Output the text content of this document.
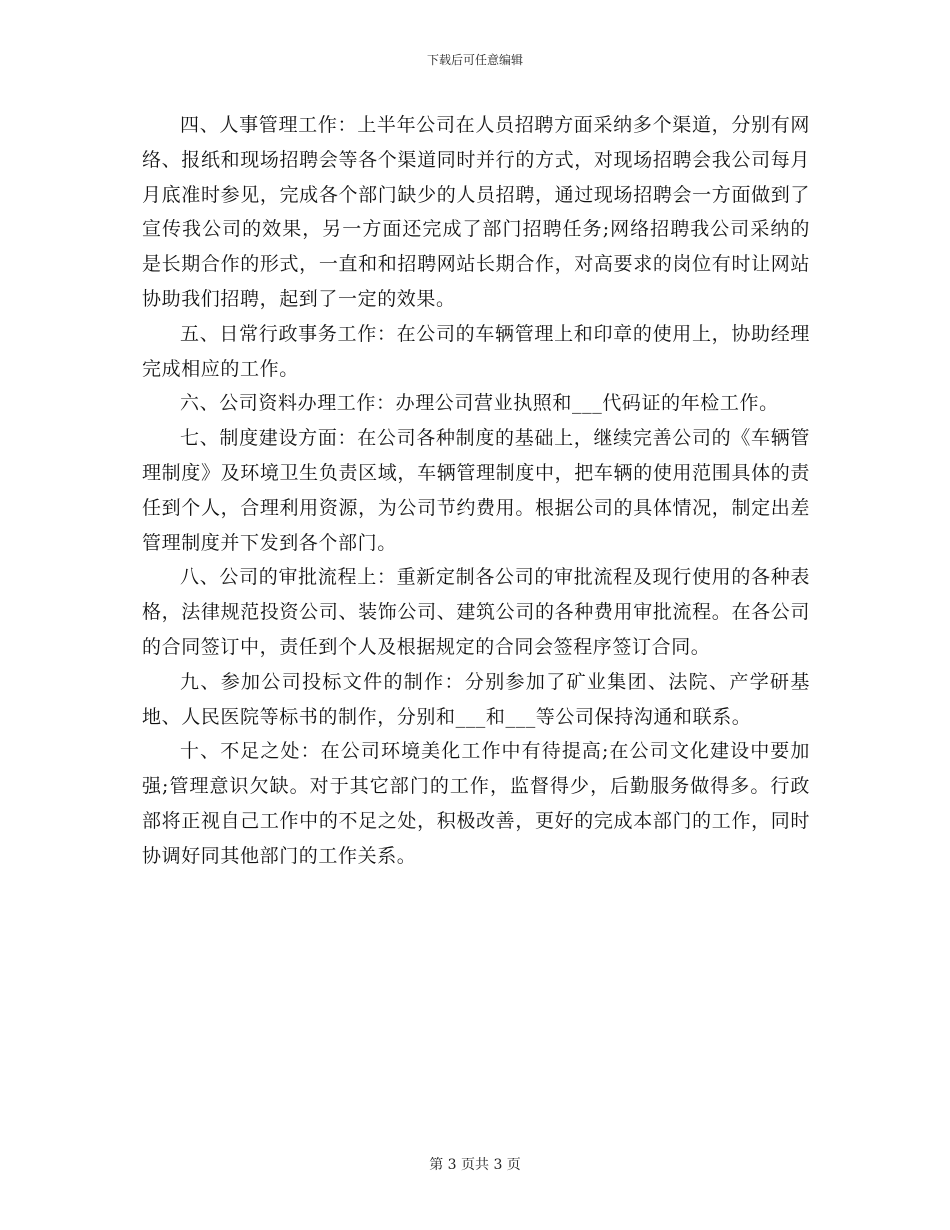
下载后可任意编辑

四、人事管理工作：上半年公司在人员招聘方面采纳多个渠道，分别有网络、报纸和现场招聘会等各个渠道同时并行的方式，对现场招聘会我公司每月月底准时参见，完成各个部门缺少的人员招聘，通过现场招聘会一方面做到了宣传我公司的效果，另一方面还完成了部门招聘任务;网络招聘我公司采纳的是长期合作的形式，一直和和招聘网站长期合作，对高要求的岗位有时让网站协助我们招聘，起到了一定的效果。

五、日常行政事务工作：在公司的车辆管理上和印章的使用上，协助经理完成相应的工作。

六、公司资料办理工作：办理公司营业执照和___代码证的年检工作。

七、制度建设方面：在公司各种制度的基础上，继续完善公司的《车辆管理制度》及环境卫生负责区域，车辆管理制度中，把车辆的使用范围具体的责任到个人，合理利用资源，为公司节约费用。根据公司的具体情况，制定出差管理制度并下发到各个部门。

八、公司的审批流程上：重新定制各公司的审批流程及现行使用的各种表格，法律规范投资公司、装饰公司、建筑公司的各种费用审批流程。在各公司的合同签订中，责任到个人及根据规定的合同会签程序签订合同。

九、参加公司投标文件的制作：分别参加了矿业集团、法院、产学研基地、人民医院等标书的制作，分别和___和___等公司保持沟通和联系。

十、不足之处：在公司环境美化工作中有待提高;在公司文化建设中要加强;管理意识欠缺。对于其它部门的工作，监督得少，后勤服务做得多。行政部将正视自己工作中的不足之处，积极改善，更好的完成本部门的工作，同时协调好同其他部门的工作关系。

第 3 页共 3 页
